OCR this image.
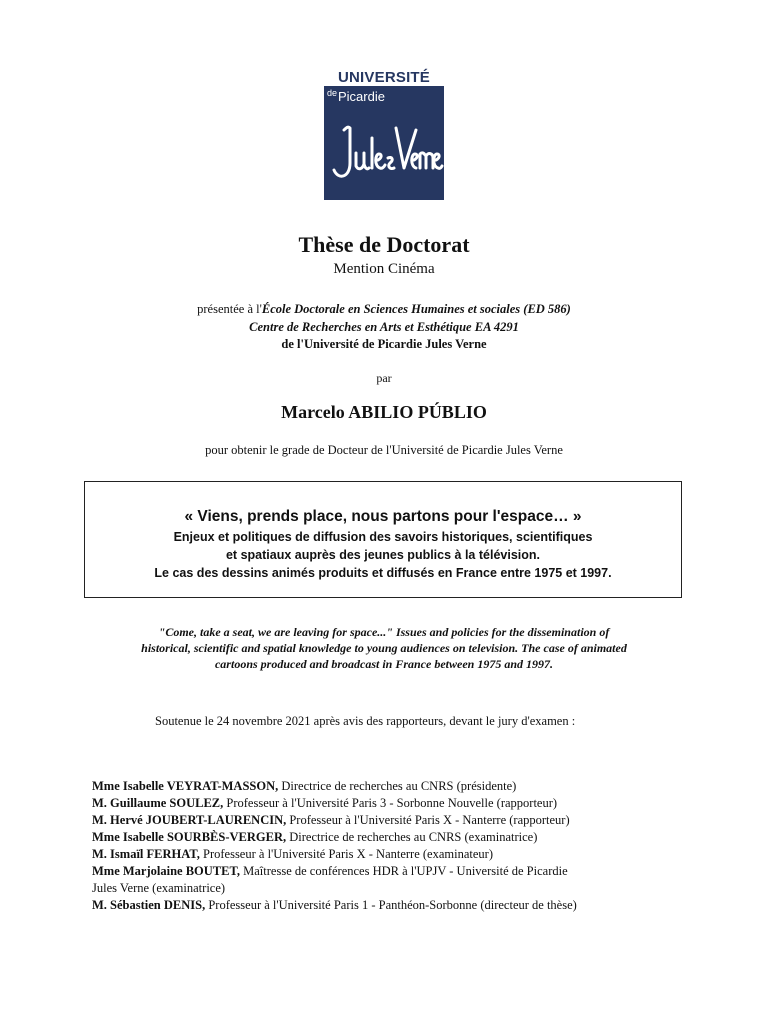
UNIVERSITÉ
de Picardie
Thèse de Doctorat
Mention Cinéma
présentée à l'École Doctorale en Sciences Humaines et sociales (ED 586)
Centre de Recherches en Arts et Esthétique EA 4291
de l'Université de Picardie Jules Verne
par
Marcelo ABILIO PÚBLIO
pour obtenir le grade de Docteur de l'Université de Picardie Jules Verne
« Viens, prends place, nous partons pour l'espace… »
Enjeux et politiques de diffusion des savoirs historiques, scientifiques
et spatiaux auprès des jeunes publics à la télévision.
Le cas des dessins animés produits et diffusés en France entre 1975 et 1997.
"Come, take a seat, we are leaving for space..." Issues and policies for the dissemination of
historical, scientific and spatial knowledge to young audiences on television. The case of animated
cartoons produced and broadcast in France between 1975 and 1997.
Soutenue le 24 novembre 2021 après avis des rapporteurs, devant le jury d'examen :
Mme Isabelle VEYRAT-MASSON, Directrice de recherches au CNRS (présidente)
M. Guillaume SOULEZ, Professeur à l'Université Paris 3 - Sorbonne Nouvelle (rapporteur)
M. Hervé JOUBERT-LAURENCIN, Professeur à l'Université Paris X - Nanterre (rapporteur)
Mme Isabelle SOURBÈS-VERGER, Directrice de recherches au CNRS (examinatrice)
M. Ismaïl FERHAT, Professeur à l'Université Paris X - Nanterre (examinateur)
Mme Marjolaine BOUTET, Maîtresse de conférences HDR à l'UPJV - Université de Picardie
Jules Verne (examinatrice)
M. Sébastien DENIS, Professeur à l'Université Paris 1 - Panthéon-Sorbonne (directeur de thèse)
